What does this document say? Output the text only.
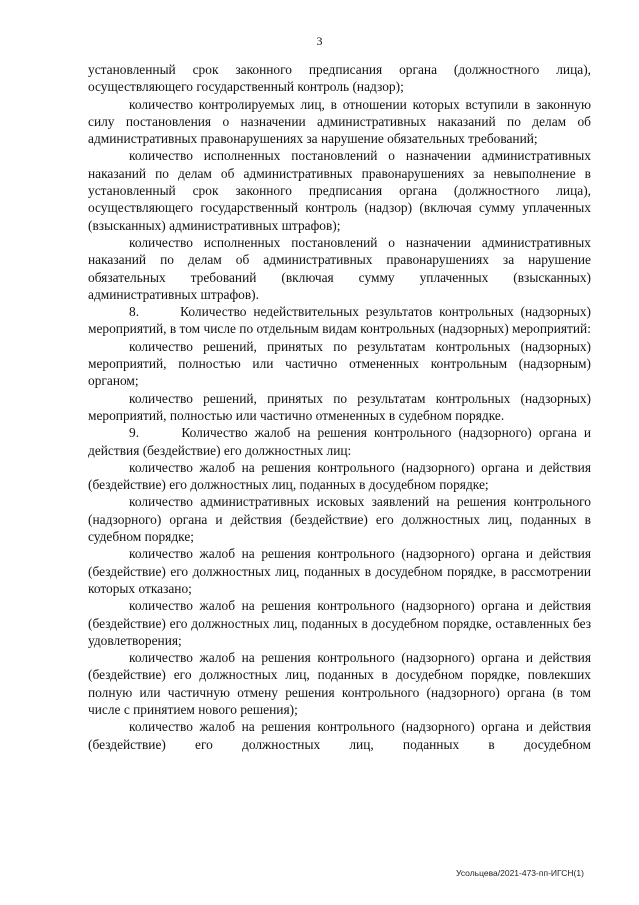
3

установленный срок законного предписания органа (должностного лица), осуществляющего государственный контроль (надзор);

количество контролируемых лиц, в отношении которых вступили в законную силу постановления о назначении административных наказаний по делам об административных правонарушениях за нарушение обязательных требований;

количество исполненных постановлений о назначении административных наказаний по делам об административных правонарушениях за невыполнение в установленный срок законного предписания органа (должностного лица), осуществляющего государственный контроль (надзор) (включая сумму уплаченных (взысканных) административных штрафов);

количество исполненных постановлений о назначении административных наказаний по делам об административных правонарушениях за нарушение обязательных требований (включая сумму уплаченных (взысканных) административных штрафов).

8.      Количество недействительных результатов контрольных (надзорных) мероприятий, в том числе по отдельным видам контрольных (надзорных) мероприятий:

количество решений, принятых по результатам контрольных (надзорных) мероприятий, полностью или частично отмененных контрольным (надзорным) органом;

количество решений, принятых по результатам контрольных (надзорных) мероприятий, полностью или частично отмененных в судебном порядке.

9.      Количество жалоб на решения контрольного (надзорного) органа и действия (бездействие) его должностных лиц:

количество жалоб на решения контрольного (надзорного) органа и действия (бездействие) его должностных лиц, поданных в досудебном порядке;

количество административных исковых заявлений на решения контрольного (надзорного) органа и действия (бездействие) его должностных лиц, поданных в судебном порядке;

количество жалоб на решения контрольного (надзорного) органа и действия (бездействие) его должностных лиц, поданных в досудебном порядке, в рассмотрении которых отказано;

количество жалоб на решения контрольного (надзорного) органа и действия (бездействие) его должностных лиц, поданных в досудебном порядке, оставленных без удовлетворения;

количество жалоб на решения контрольного (надзорного) органа и действия (бездействие) его должностных лиц, поданных в досудебном порядке, повлекших полную или частичную отмену решения контрольного (надзорного) органа (в том числе с принятием нового решения);

количество жалоб на решения контрольного (надзорного) органа и действия (бездействие) его должностных лиц, поданных в досудебном

Усольцева/2021-473-пп-ИГСН(1)
